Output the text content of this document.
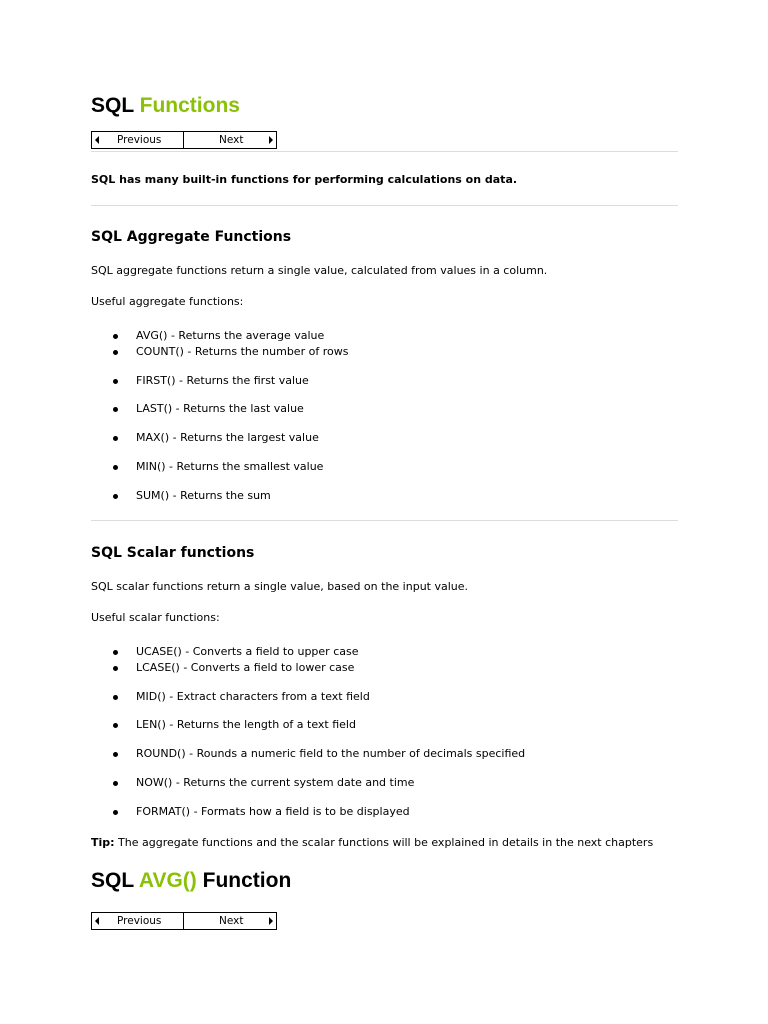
SQL Functions
Previous	Next
SQL has many built-in functions for performing calculations on data.
SQL Aggregate Functions
SQL aggregate functions return a single value, calculated from values in a column.
Useful aggregate functions:
AVG() - Returns the average value
COUNT() - Returns the number of rows
FIRST() - Returns the first value
LAST() - Returns the last value
MAX() - Returns the largest value
MIN() - Returns the smallest value
SUM() - Returns the sum
SQL Scalar functions
SQL scalar functions return a single value, based on the input value.
Useful scalar functions:
UCASE() - Converts a field to upper case
LCASE() - Converts a field to lower case
MID() - Extract characters from a text field
LEN() - Returns the length of a text field
ROUND() - Rounds a numeric field to the number of decimals specified
NOW() - Returns the current system date and time
FORMAT() - Formats how a field is to be displayed
Tip: The aggregate functions and the scalar functions will be explained in details in the next chapters
SQL AVG() Function
Previous	Next
